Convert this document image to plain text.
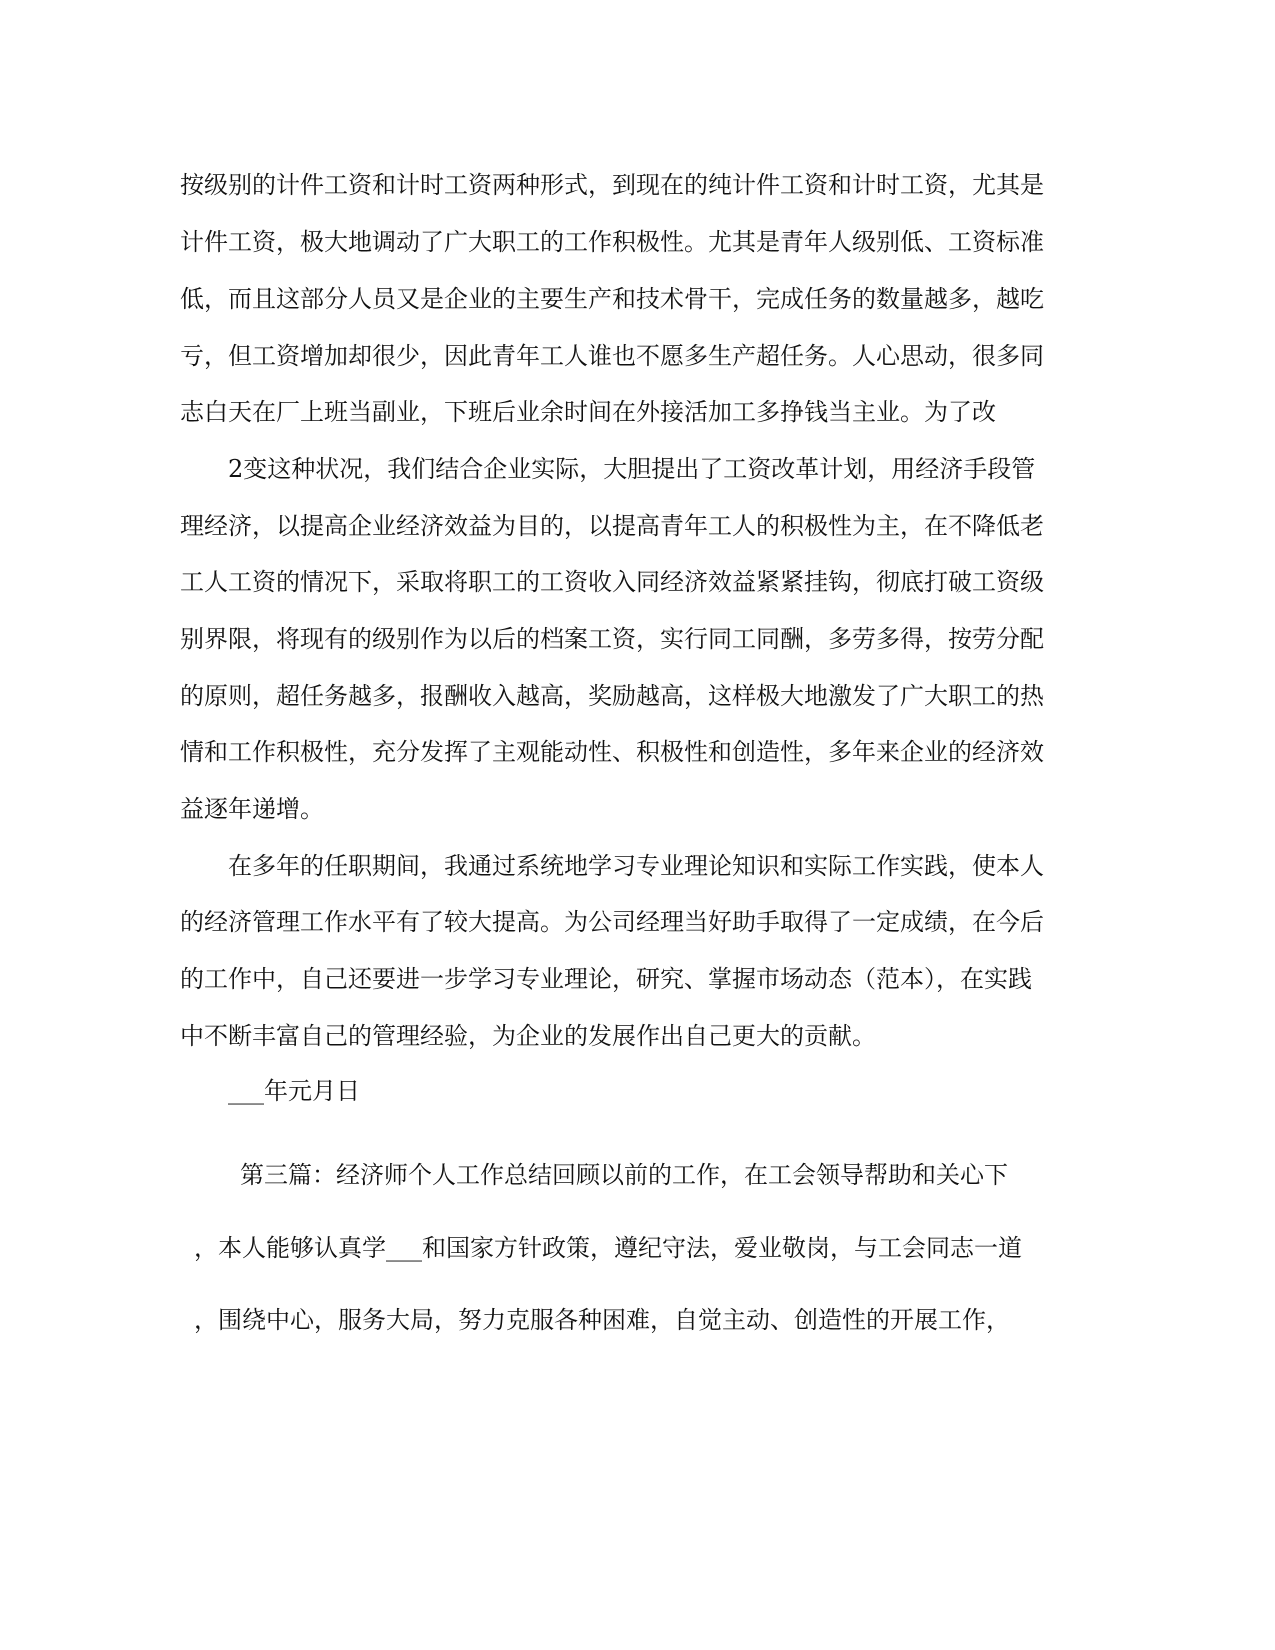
按级别的计件工资和计时工资两种形式，到现在的纯计件工资和计时工资，尤其是
计件工资，极大地调动了广大职工的工作积极性。尤其是青年人级别低、工资标准
低，而且这部分人员又是企业的主要生产和技术骨干，完成任务的数量越多，越吃
亏，但工资增加却很少，因此青年工人谁也不愿多生产超任务。人心思动，很多同
志白天在厂上班当副业，下班后业余时间在外接活加工多挣钱当主业。为了改
2变这种状况，我们结合企业实际，大胆提出了工资改革计划，用经济手段管
理经济，以提高企业经济效益为目的，以提高青年工人的积极性为主，在不降低老
工人工资的情况下，采取将职工的工资收入同经济效益紧紧挂钩，彻底打破工资级
别界限，将现有的级别作为以后的档案工资，实行同工同酬，多劳多得，按劳分配
的原则，超任务越多，报酬收入越高，奖励越高，这样极大地激发了广大职工的热
情和工作积极性，充分发挥了主观能动性、积极性和创造性，多年来企业的经济效
益逐年递增。
在多年的任职期间，我通过系统地学习专业理论知识和实际工作实践，使本人
的经济管理工作水平有了较大提高。为公司经理当好助手取得了一定成绩，在今后
的工作中，自己还要进一步学习专业理论，研究、掌握市场动态（范本），在实践
中不断丰富自己的管理经验，为企业的发展作出自己更大的贡献。
___年元月日
第三篇：经济师个人工作总结回顾以前的工作，在工会领导帮助和关心下
，本人能够认真学___和国家方针政策，遵纪守法，爱业敬岗，与工会同志一道
，围绕中心，服务大局，努力克服各种困难，自觉主动、创造性的开展工作，
